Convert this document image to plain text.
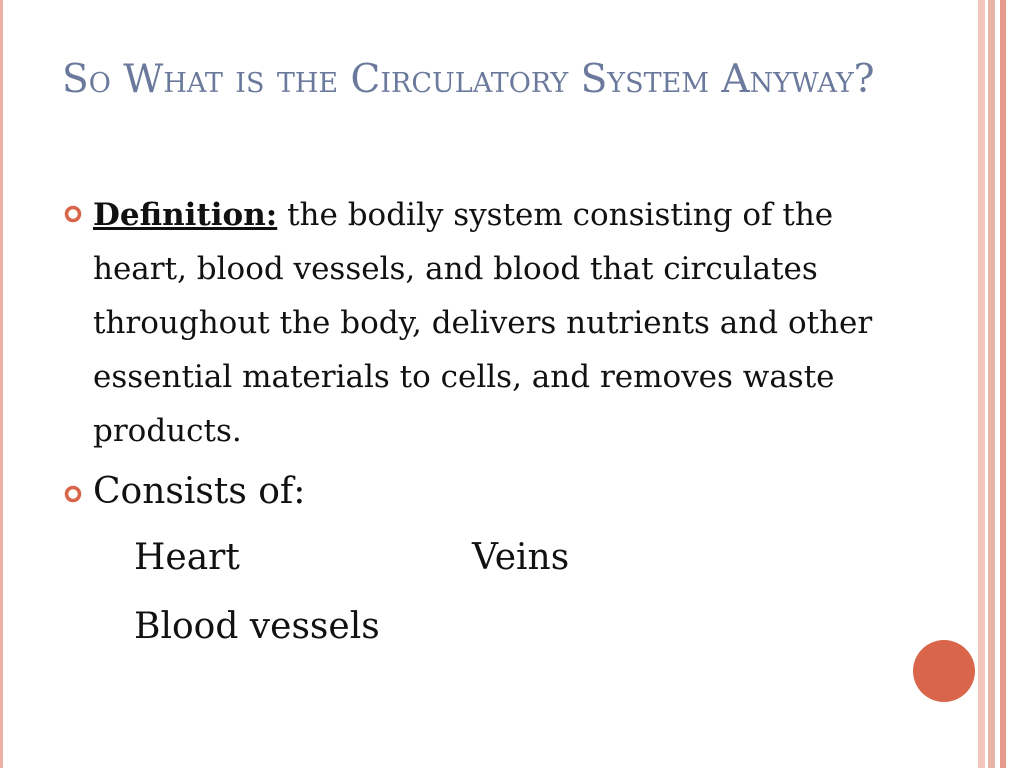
So What is the Circulatory System Anyway?
Definition: the bodily system consisting of the heart, blood vessels, and blood that circulates throughout the body, delivers nutrients and other essential materials to cells, and removes waste products.
Consists of:
Heart	Veins
Blood vessels
